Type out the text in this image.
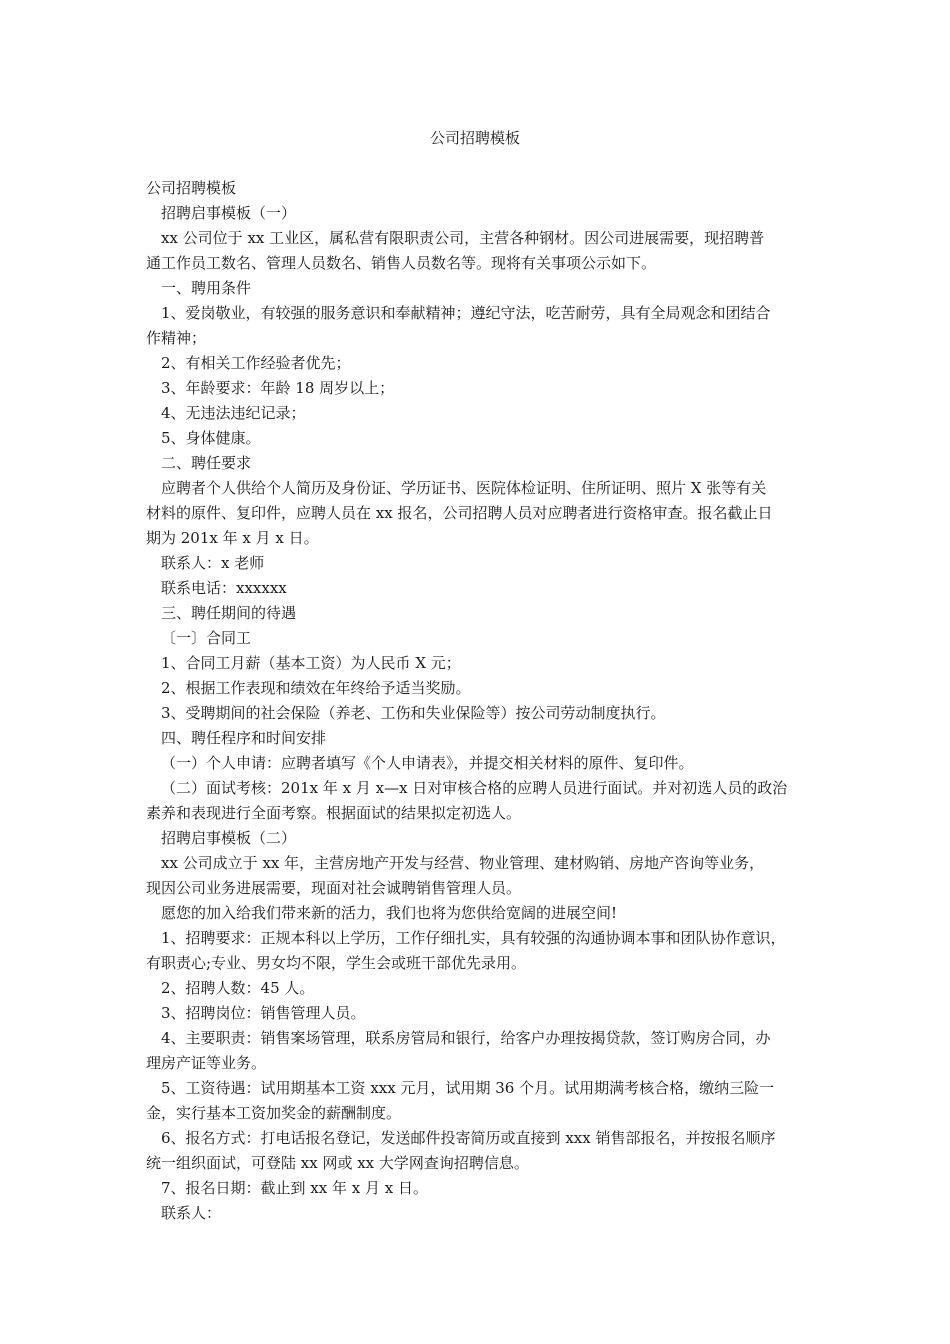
公司招聘模板

公司招聘模板

招聘启事模板（一）

xx 公司位于 xx 工业区，属私营有限职责公司，主营各种钢材。因公司进展需要，现招聘普

通工作员工数名、管理人员数名、销售人员数名等。现将有关事项公示如下。

一、聘用条件

1、爱岗敬业，有较强的服务意识和奉献精神；遵纪守法，吃苦耐劳，具有全局观念和团结合

作精神；

2、有相关工作经验者优先；

3、年龄要求：年龄 18 周岁以上；

4、无违法违纪记录；

5、身体健康。

二、聘任要求

应聘者个人供给个人简历及身份证、学历证书、医院体检证明、住所证明、照片 X 张等有关

材料的原件、复印件，应聘人员在 xx 报名，公司招聘人员对应聘者进行资格审查。报名截止日

期为 201x 年 x 月 x 日。

联系人：x 老师

联系电话：xxxxxx

三、聘任期间的待遇

〔一〕合同工

1、合同工月薪（基本工资）为人民币 X 元；

2、根据工作表现和绩效在年终给予适当奖励。

3、受聘期间的社会保险（养老、工伤和失业保险等）按公司劳动制度执行。

四、聘任程序和时间安排

（一）个人申请：应聘者填写《个人申请表》，并提交相关材料的原件、复印件。

（二）面试考核：201x 年 x 月 x—x 日对审核合格的应聘人员进行面试。并对初选人员的政治

素养和表现进行全面考察。根据面试的结果拟定初选人。

招聘启事模板（二）

xx 公司成立于 xx 年，主营房地产开发与经营、物业管理、建材购销、房地产咨询等业务，

现因公司业务进展需要，现面对社会诚聘销售管理人员。

愿您的加入给我们带来新的活力，我们也将为您供给宽阔的进展空间!

1、招聘要求：正规本科以上学历，工作仔细扎实，具有较强的沟通协调本事和团队协作意识，

有职责心;专业、男女均不限，学生会或班干部优先录用。

2、招聘人数：45 人。

3、招聘岗位：销售管理人员。

4、主要职责：销售案场管理，联系房管局和银行，给客户办理按揭贷款，签订购房合同，办

理房产证等业务。

5、工资待遇：试用期基本工资 xxx 元月，试用期 36 个月。试用期满考核合格，缴纳三险一

金，实行基本工资加奖金的薪酬制度。

6、报名方式：打电话报名登记，发送邮件投寄简历或直接到 xxx 销售部报名，并按报名顺序

统一组织面试，可登陆 xx 网或 xx 大学网查询招聘信息。

7、报名日期：截止到 xx 年 x 月 x 日。

联系人：
